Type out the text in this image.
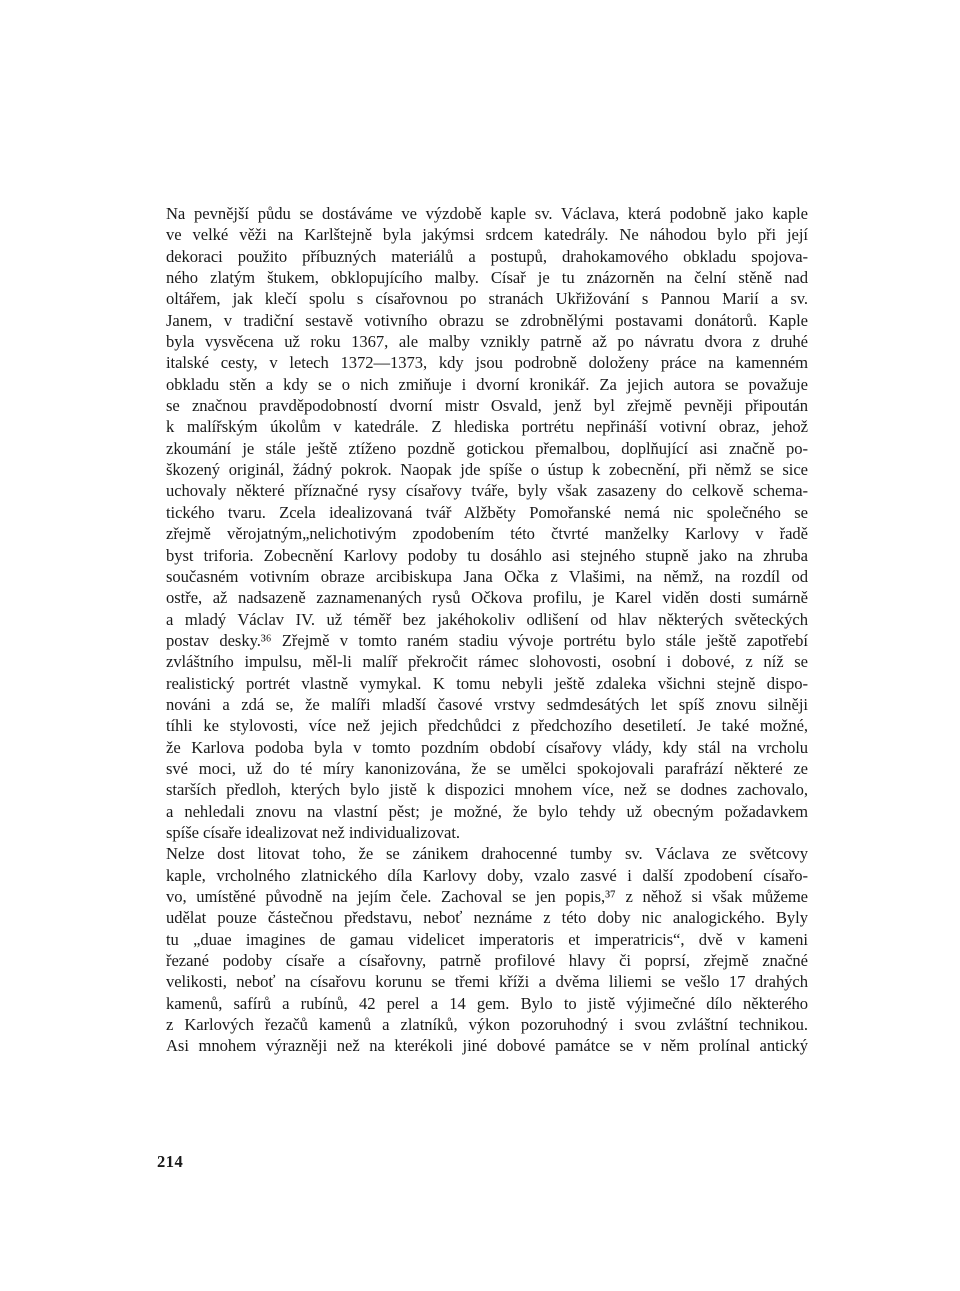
Na pevnější půdu se dostáváme ve výzdobě kaple sv. Václava, která podobně jako kaple
ve velké věži na Karlštejně byla jakýmsi srdcem katedrály. Ne náhodou bylo při její
dekoraci použito příbuzných materiálů a postupů, drahokamového obkladu spojova-
ného zlatým štukem, obklopujícího malby. Císař je tu znázorněn na čelní stěně nad
oltářem, jak klečí spolu s císařovnou po stranách Ukřižování s Pannou Marií a sv.
Janem, v tradiční sestavě votivního obrazu se zdrobnělými postavami donátorů. Kaple
byla vysvěcena už roku 1367, ale malby vznikly patrně až po návratu dvora z druhé
italské cesty, v letech 1372—1373, kdy jsou podrobně doloženy práce na kamenném
obkladu stěn a kdy se o nich zmiňuje i dvorní kronikář. Za jejich autora se považuje
se značnou pravděpodobností dvorní mistr Osvald, jenž byl zřejmě pevněji připoután
k malířským úkolům v katedrále. Z hlediska portrétu nepřináší votivní obraz, jehož
zkoumání je stále ještě ztíženo pozdně gotickou přemalbou, doplňující asi značně po-
škozený originál, žádný pokrok. Naopak jde spíše o ústup k zobecnění, při němž se sice
uchovaly některé příznačné rysy císařovy tváře, byly však zasazeny do celkově schema-
tického tvaru. Zcela idealizovaná tvář Alžběty Pomořanské nemá nic společného se
zřejmě věrojatným„nelichotivým zpodobením této čtvrté manželky Karlovy v řadě
byst triforia. Zobecnění Karlovy podoby tu dosáhlo asi stejného stupně jako na zhruba
současném votivním obraze arcibiskupa Jana Očka z Vlašimi, na němž, na rozdíl od
ostře, až nadsazeně zaznamenaných rysů Očkova profilu, je Karel viděn dosti sumárně
a mladý Václav IV. už téměř bez jakéhokoliv odlišení od hlav některých světeckých
postav desky.³⁶ Zřejmě v tomto raném stadiu vývoje portrétu bylo stále ještě zapotřebí
zvláštního impulsu, měl-li malíř překročit rámec slohovosti, osobní i dobové, z níž se
realistický portrét vlastně vymykal. K tomu nebyli ještě zdaleka všichni stejně dispo-
nováni a zdá se, že malíři mladší časové vrstvy sedmdesátých let spíš znovu silněji
tíhli ke stylovosti, více než jejich předchůdci z předchozího desetiletí. Je také možné,
že Karlova podoba byla v tomto pozdním období císařovy vlády, kdy stál na vrcholu
své moci, už do té míry kanonizována, že se umělci spokojovali parafrází některé ze
starších předloh, kterých bylo jistě k dispozici mnohem více, než se dodnes zachovalo,
a nehledali znovu na vlastní pěst; je možné, že bylo tehdy už obecným požadavkem
spíše císaře idealizovat než individualizovat.
Nelze dost litovat toho, že se zánikem drahocenné tumby sv. Václava ze světcovy
kaple, vrcholného zlatnického díla Karlovy doby, vzalo zasvé i další zpodobení císařo-
vo, umístěné původně na jejím čele. Zachoval se jen popis,³⁷ z něhož si však můžeme
udělat pouze částečnou představu, neboť neznáme z této doby nic analogického. Byly
tu „duae imagines de gamau videlicet imperatoris et imperatricis“, dvě v kameni
řezané podoby císaře a císařovny, patrně profilové hlavy či poprsí, zřejmě značné
velikosti, neboť na císařovu korunu se třemi kříži a dvěma liliemi se vešlo 17 drahých
kamenů, safírů a rubínů, 42 perel a 14 gem. Bylo to jistě výjimečné dílo některého
z Karlových řezačů kamenů a zlatníků, výkon pozoruhodný i svou zvláštní technikou.
Asi mnohem výrazněji než na kterékoli jiné dobové památce se v něm prolínal antický
214
